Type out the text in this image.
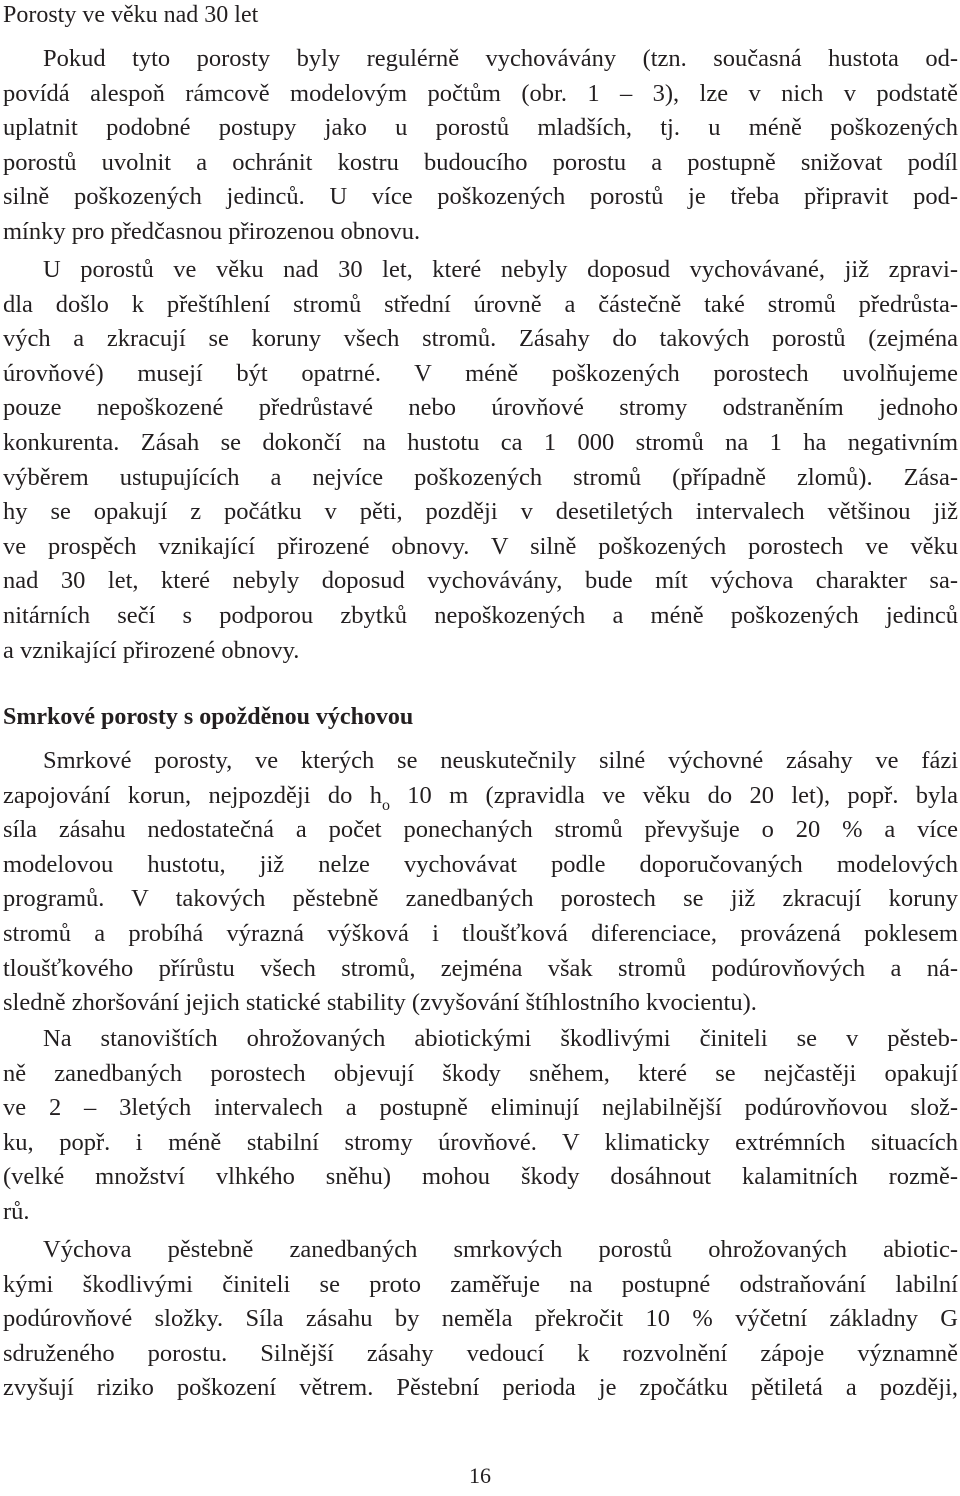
Porosty ve věku nad 30 let
Pokud tyto porosty byly regulérně vychovávány (tzn. současná hustota od-
povídá alespoň rámcově modelovým počtům (obr. 1 – 3), lze v nich v podstatě
uplatnit podobné postupy jako u porostů mladších, tj. u méně poškozených
porostů uvolnit a ochránit kostru budoucího porostu a postupně snižovat podíl
silně poškozených jedinců. U více poškozených porostů je třeba připravit pod-
mínky pro předčasnou přirozenou obnovu.
U porostů ve věku nad 30 let, které nebyly doposud vychovávané, již zpravi-
dla došlo k přeštíhlení stromů střední úrovně a částečně také stromů předrůsta-
vých a zkracují se koruny všech stromů. Zásahy do takových porostů (zejména
úrovňové) musejí být opatrné. V méně poškozených porostech uvolňujeme
pouze nepoškozené předrůstavé nebo úrovňové stromy odstraněním jednoho
konkurenta. Zásah se dokončí na hustotu ca 1 000 stromů na 1 ha negativním
výběrem ustupujících a nejvíce poškozených stromů (případně zlomů). Zása-
hy se opakují z počátku v pěti, později v desetiletých intervalech většinou již
ve prospěch vznikající přirozené obnovy. V silně poškozených porostech ve věku
nad 30 let, které nebyly doposud vychovávány, bude mít výchova charakter sa-
nitárních sečí s podporou zbytků nepoškozených a méně poškozených jedinců
a vznikající přirozené obnovy.
Smrkové porosty s opožděnou výchovou
Smrkové porosty, ve kterých se neuskutečnily silné výchovné zásahy ve fázi
zapojování korun, nejpozději do $h_o$ 10 m (zpravidla ve věku do 20 let), popř. byla
síla zásahu nedostatečná a počet ponechaných stromů převyšuje o 20 % a více
modelovou hustotu, již nelze vychovávat podle doporučovaných modelových
programů. V takových pěstebně zanedbaných porostech se již zkracují koruny
stromů a probíhá výrazná výšková i tloušťková diferenciace, provázená poklesem
tloušťkového přírůstu všech stromů, zejména však stromů podúrovňových a ná-
sledně zhoršování jejich statické stability (zvyšování štíhlostního kvocientu).
Na stanovištích ohrožovaných abiotickými škodlivými činiteli se v pěsteb-
ně zanedbaných porostech objevují škody sněhem, které se nejčastěji opakují
ve 2 – 3letých intervalech a postupně eliminují nejlabilnější podúrovňovou slož-
ku, popř. i méně stabilní stromy úrovňové. V klimaticky extrémních situacích
(velké množství vlhkého sněhu) mohou škody dosáhnout kalamitních rozmě-
rů.
Výchova pěstebně zanedbaných smrkových porostů ohrožovaných abiotic-
kými škodlivými činiteli se proto zaměřuje na postupné odstraňování labilní
podúrovňové složky. Síla zásahu by neměla překročit 10 % výčetní základny G
sdruženého porostu. Silnější zásahy vedoucí k rozvolnění zápoje významně
zvyšují riziko poškození větrem. Pěstební perioda je zpočátku pětiletá a později,
16
